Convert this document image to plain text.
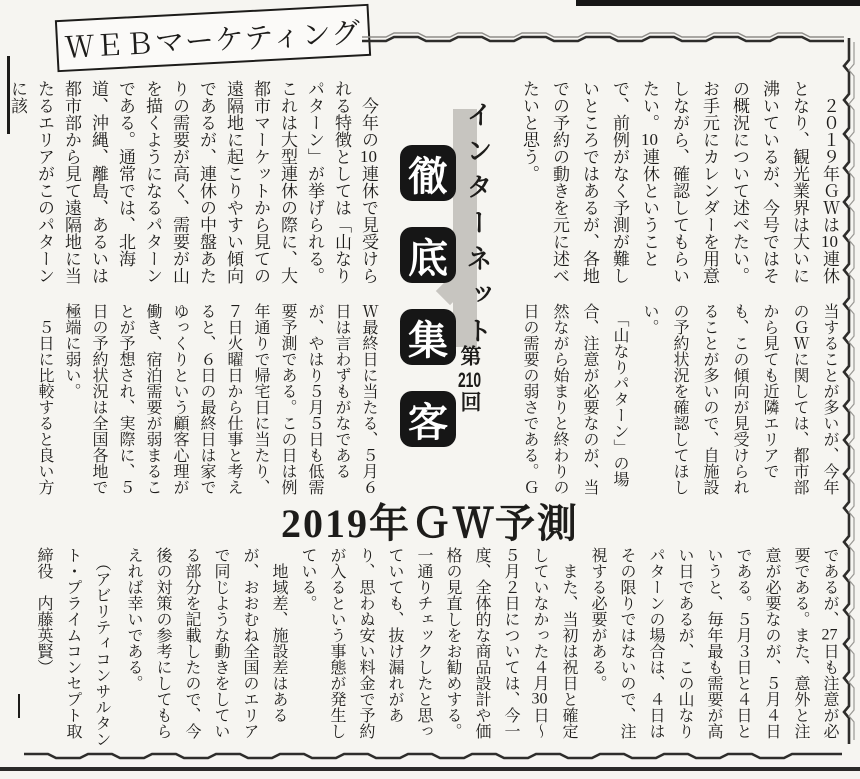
ＷＥＢマーケティング

　２０１９年ＧＷは10連休となり、観光業界は大いに沸いているが、今号ではその概況について述べたい。お手元にカレンダーを用意しながら、確認してもらいたい。10連休ということで、前例がなく予測が難しいところではあるが、各地での予約の動きを元に述べたいと思う。

当することが多いが、今年のＧＷに関しては、都市部から見ても近隣エリアでも、この傾向が見受けられることが多いので、自施設の予約状況を確認してほしい。

　「山なりパターン」の場合、注意が必要なのが、当然ながら始まりと終わりの日の需要の弱さである。Ｇ

　今年の10連休で見受けられる特徴としては「山なりパターン」が挙げられる。これは大型連休の際に、大都市マーケットから見ての遠隔地に起こりやすい傾向であるが、連休の中盤あたりの需要が高く、需要が山を描くようになるパターンである。通常では、北海道、沖縄、離島、あるいは都市部から見て遠隔地に当たるエリアがこのパターンに該

Ｗ最終日に当たる、５月６日は言わずもがなであるが、やはり５月５日も低需要予測である。この日は例年通りで帰宅日に当たり、７日火曜日から仕事と考えると、６日の最終日は家でゆっくりという顧客心理が働き、宿泊需要が弱まることが予想され、実際に、５日の予約状況は全国各地で極端に弱い。

　５日に比較すると良い方

インターネット
第210回
徹
底
集
客
2019年ＧＷ予測

であるが、27日も注意が必要である。また、意外と注意が必要なのが、５月４日である。５月３日と４日というと、毎年最も需要が高い日であるが、この山なりパターンの場合は、４日はその限りではないので、注視する必要がある。

　また、当初は祝日と確定していなかった４月30日～５月２日については、今一度、全体的な商品設計や価格の見直しをお勧めする。一通りチェックしたと思っていても、抜け漏れがあり、思わぬ安い料金で予約が入るという事態が発生している。

　地域差、施設差はあるが、おおむね全国のエリアで同じような動きをしている部分を記載したので、今後の対策の参考にしてもらえれば幸いである。

　（アビリティコンサルタント・プライムコンセプト取締役　内藤英賢）
